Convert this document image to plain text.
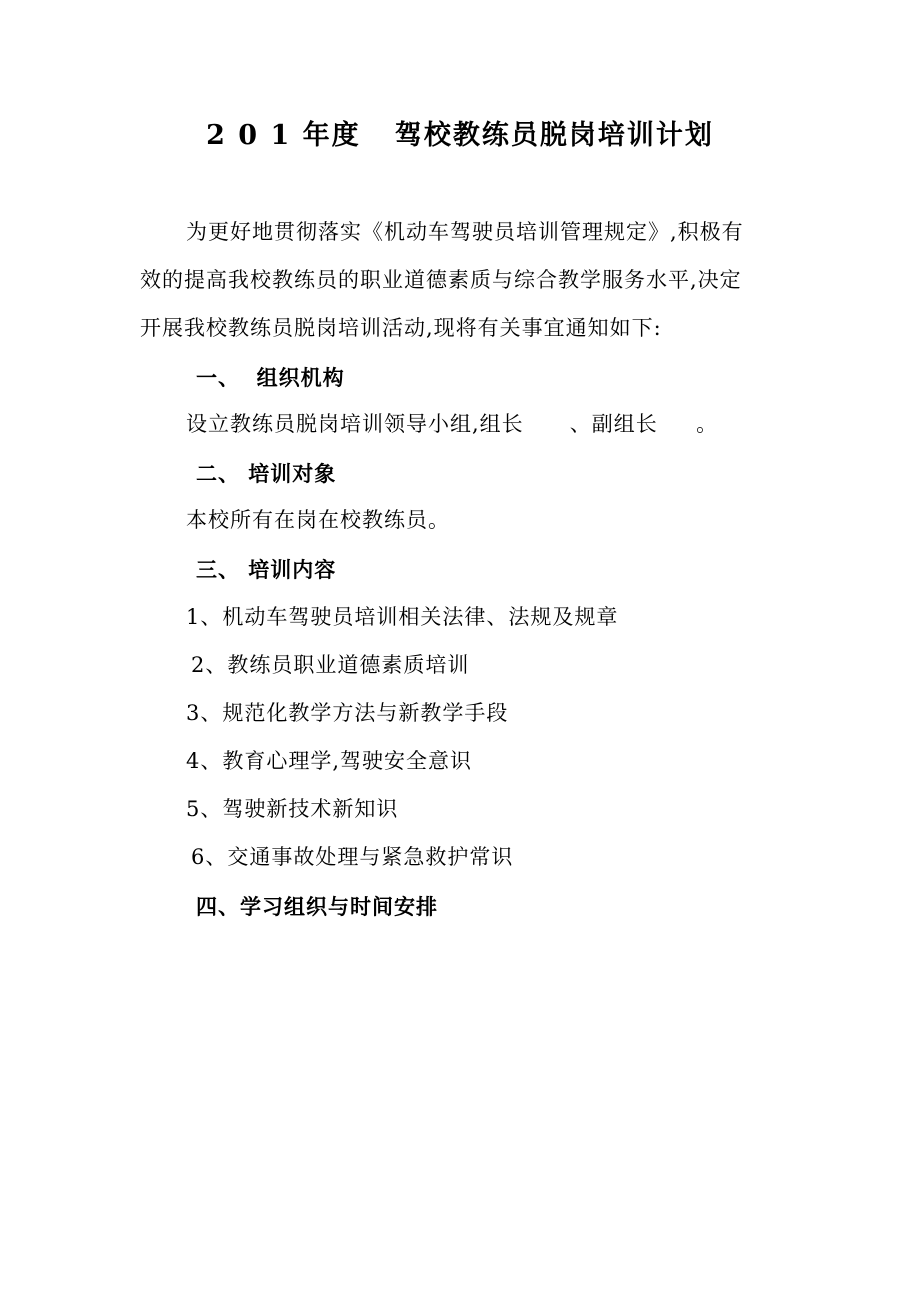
2 0 1 年度   驾校教练员脱岗培训计划
为更好地贯彻落实《机动车驾驶员培训管理规定》,积极有
效的提高我校教练员的职业道德素质与综合教学服务水平,决定
开展我校教练员脱岗培训活动,现将有关事宜通知如下:
一、  组织机构
设立教练员脱岗培训领导小组,组长      、副组长     。
二、 培训对象
本校所有在岗在校教练员。
三、 培训内容
1、机动车驾驶员培训相关法律、法规及规章
2、教练员职业道德素质培训
3、规范化教学方法与新教学手段
4、教育心理学,驾驶安全意识
5、驾驶新技术新知识
6、交通事故处理与紧急救护常识
四、学习组织与时间安排
